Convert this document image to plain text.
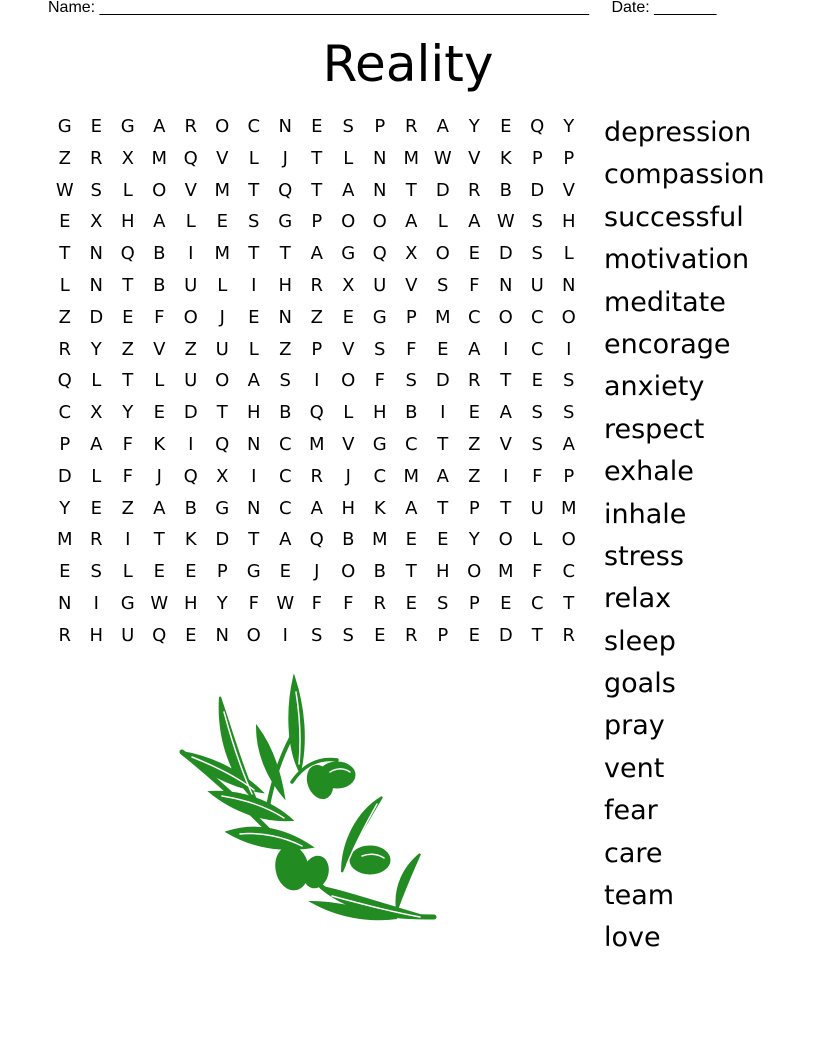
Name: _______________________________________________________ Date: _______
Reality
G	E	G	A	R	O	C	N	E	S	P	R	A	Y	E	Q	Y
Z	R	X M Q	V	L	J	T	L	N M W V	K	P	P
W S	L	O	V M	T	Q	T	A	N	T	D	R	B	D	V
E	X	H	A	L	E	S	G	P	O O	A	L	A W S	H
T	N Q	B	I	M	T	T	A	G Q	X	O	E	D	S	L
L	N	T	B	U	L	I	H	R	X	U	V	S	F	N	U	N
Z	D	E	F	O	J	E	N	Z	E	G	P	M C	O	C	O
R	Y	Z	V	Z	U	L	Z	P	V	S	F	E	A	I	C	I
Q	L	T	L	U O	A	S	I	O	F	S	D	R	T	E	S
C	X	Y	E	D	T	H	B	Q	L	H	B	I	E	A	S	S
P	A	F	K	I	Q N	C M V	G	C	T	Z	V	S	A
D	L	F	J	Q	X	I	C	R	J	C M A	Z	I	F	P
Y	E	Z	A	B	G N	C	A	H	K	A	T	P	T	U M
M R	I	T	K	D	T	A	Q	B M	E	E	Y	O	L	O
E	S	L	E	E	P	G	E	J	O	B	T	H O M	F	C
N	I	G W H	Y	F W F	F	R	E	S	P	E	C	T
R	H	U Q	E	N O	I	S	S	E	R	P	E	D	T	R
depression
compassion
successful
motivation
meditate
encorage
anxiety
respect
exhale
inhale
stress
relax
sleep
goals
pray
vent
fear
care
team
love
